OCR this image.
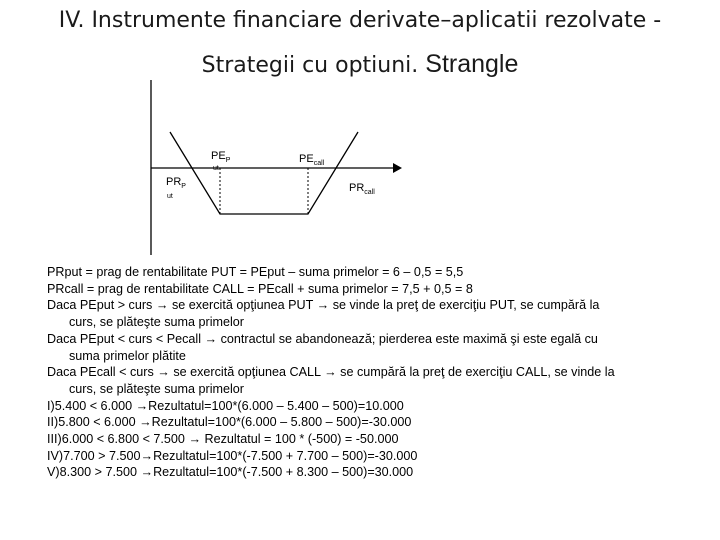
IV. Instrumente financiare derivate–aplicatii rezolvate -
Strategii cu optiuni. Strangle
$PE_P$
ut
$PE_{call}$
$PR_P$
ut
$PR_{call}$

PRput = prag de rentabilitate PUT = PEput – suma primelor = 6 – 0,5 = 5,5

PRcall = prag de rentabilitate CALL = PEcall + suma primelor = 7,5 + 0,5 = 8

Daca PEput > curs → se exercită opţiunea PUT → se vinde la preţ de exerciţiu PUT, se cumpără la

curs, se plăteşte suma primelor

Daca PEput < curs < Pecall → contractul se abandonează; pierderea este maximă şi este egală cu

suma primelor plătite

Daca PEcall < curs → se exercită opţiunea CALL → se cumpără la preţ de exerciţiu CALL, se vinde la

curs, se plăteşte suma primelor

I)5.400 < 6.000 →Rezultatul=100*(6.000 – 5.400 – 500)=10.000

II)5.800 < 6.000 →Rezultatul=100*(6.000 – 5.800 – 500)=-30.000

III)6.000 < 6.800 < 7.500 → Rezultatul = 100 * (-500) = -50.000

IV)7.700 > 7.500→Rezultatul=100*(-7.500 + 7.700 – 500)=-30.000

V)8.300 > 7.500 →Rezultatul=100*(-7.500 + 8.300 – 500)=30.000
